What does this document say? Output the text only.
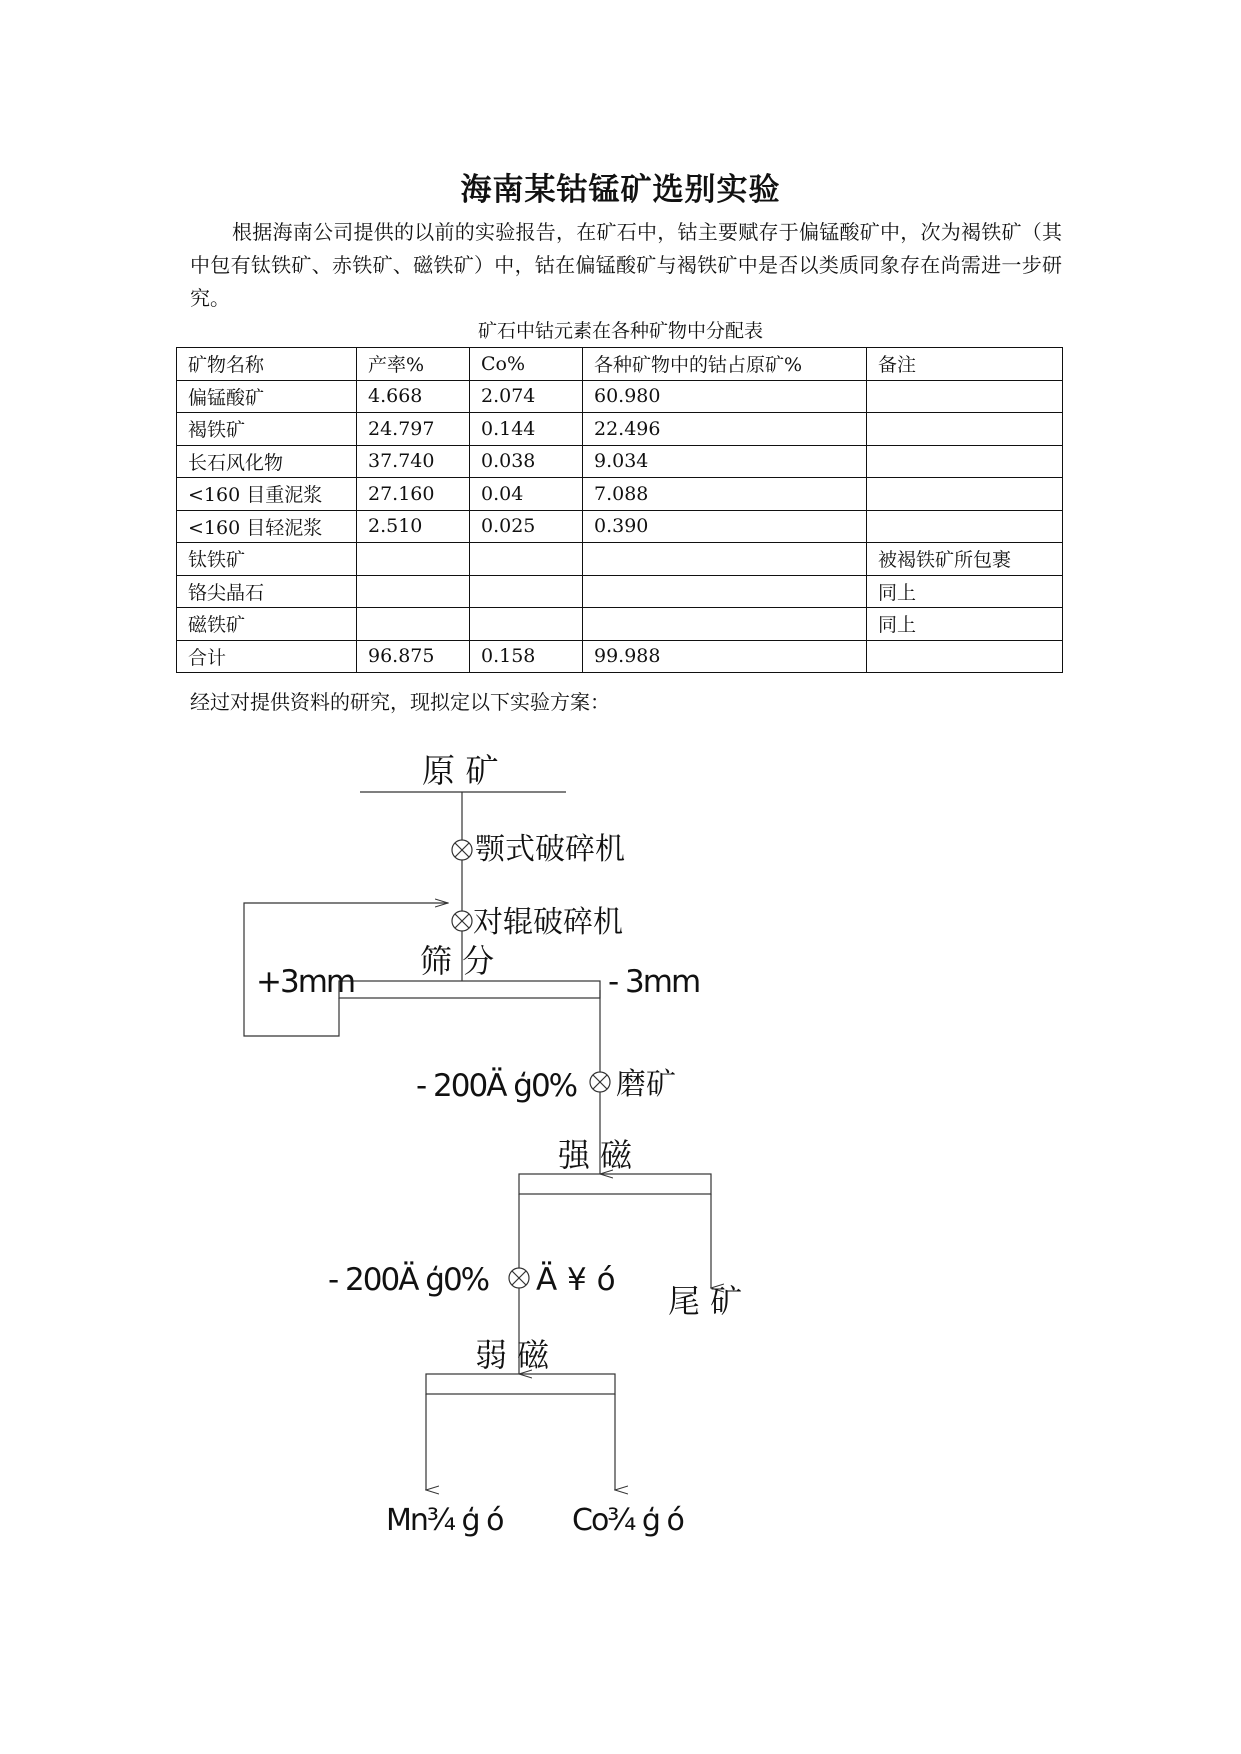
海南某钴锰矿选别实验
根据海南公司提供的以前的实验报告，在矿石中，钴主要赋存于偏锰酸矿中，次为褐铁矿（其中包有钛铁矿、赤铁矿、磁铁矿）中，钴在偏锰酸矿与褐铁矿中是否以类质同象存在尚需进一步研究。
矿石中钴元素在各种矿物中分配表
矿物名称	产率%	Co%	各种矿物中的钴占原矿%	备注
偏锰酸矿	4.668	2.074	60.980	
褐铁矿	24.797	0.144	22.496	
长石风化物	37.740	0.038	9.034	
<160 目重泥浆	27.160	0.04	7.088	
<160 目轻泥浆	2.510	0.025	0.390	
钛铁矿				被褐铁矿所包裹
铬尖晶石				同上
磁铁矿				同上
合计	96.875	0.158	99.988	
经过对提供资料的研究，现拟定以下实验方案：
原 矿
颚式破碎机
对辊破碎机
筛 分
+3mm	- 3mm
- 200Ä ģ0% 磨矿
强 磁
- 200Ä ģ0% Ä ¥ ó
尾 矿
弱 磁
Mn¾ ģ ó Co¾ ģ ó
